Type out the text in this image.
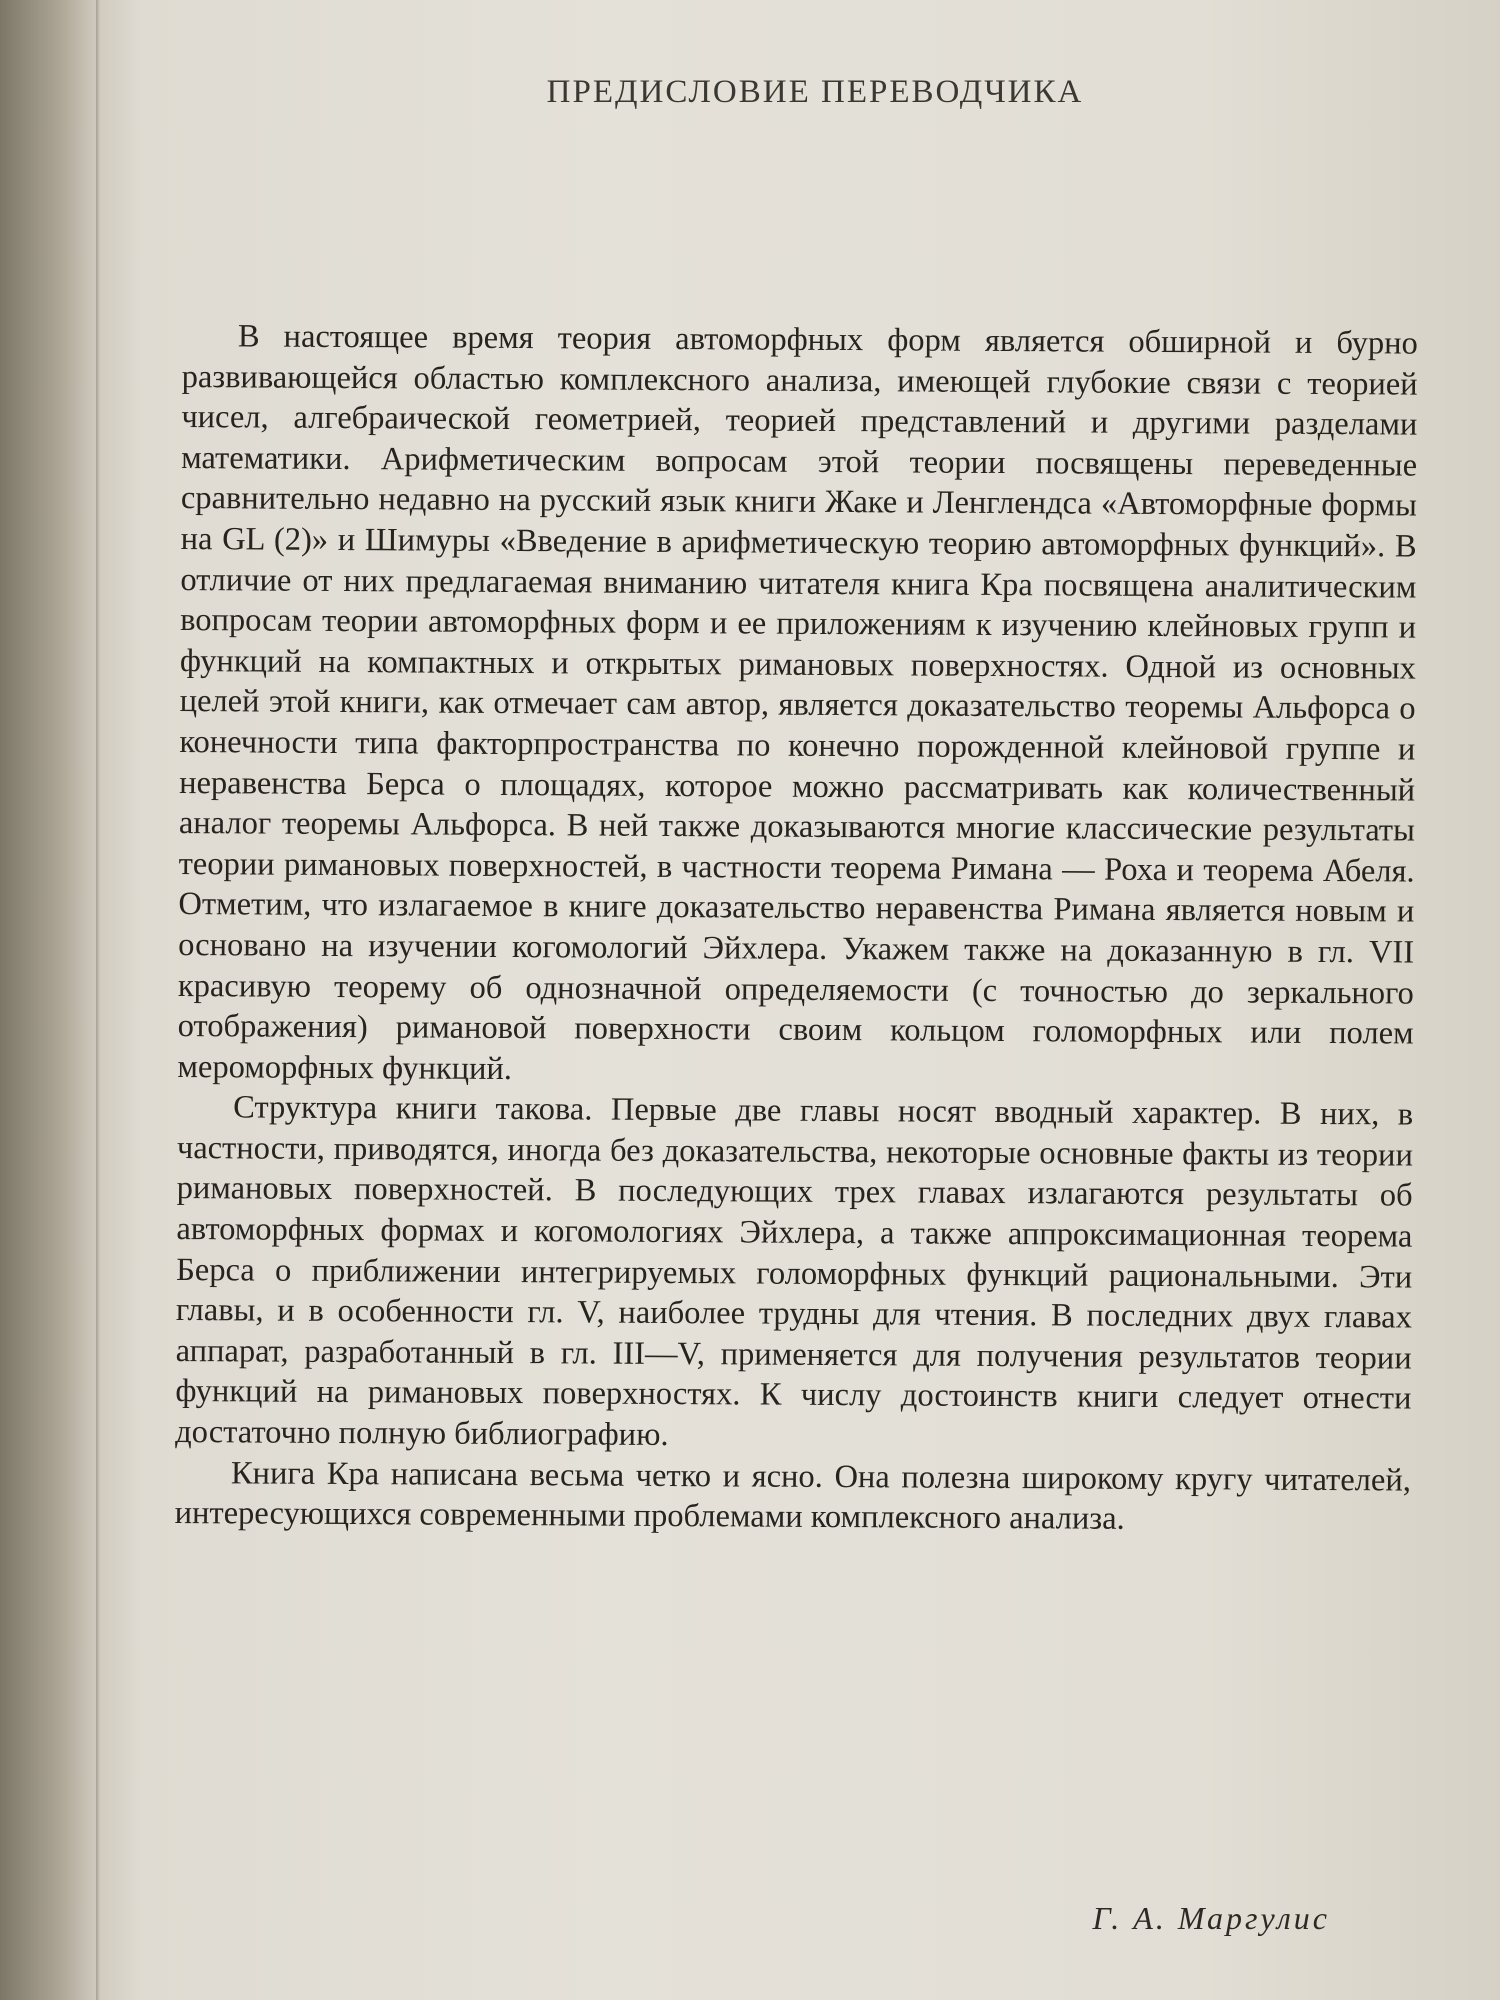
ПРЕДИСЛОВИЕ ПЕРЕВОДЧИКА

В настоящее время теория автоморфных форм является обширной и бурно развивающейся областью комплексного анализа, имеющей глубокие связи с теорией чисел, алгебраической геометрией, теорией представлений и другими разделами математики. Арифметическим вопросам этой теории посвящены переведенные сравнительно недавно на русский язык книги Жаке и Ленглендса «Автоморфные формы на GL (2)» и Шимуры «Введение в арифметическую теорию автоморфных функций». В отличие от них предлагаемая вниманию читателя книга Кра посвящена аналитическим вопросам теории автоморфных форм и ее приложениям к изучению клейновых групп и функций на компактных и открытых римановых поверхностях. Одной из основных целей этой книги, как отмечает сам автор, является доказательство теоремы Альфорса о конечности типа факторпространства по конечно порожденной клейновой группе и неравенства Берса о площадях, которое можно рассматривать как количественный аналог теоремы Альфорса. В ней также доказываются многие классические результаты теории римановых поверхностей, в частности теорема Римана — Роха и теорема Абеля. Отметим, что излагаемое в книге доказательство неравенства Римана является новым и основано на изучении когомологий Эйхлера. Укажем также на доказанную в гл. VII красивую теорему об однозначной определяемости (с точностью до зеркального отображения) римановой поверхности своим кольцом голоморфных или полем мероморфных функций.

Структура книги такова. Первые две главы носят вводный характер. В них, в частности, приводятся, иногда без доказательства, некоторые основные факты из теории римановых поверхностей. В последующих трех главах излагаются результаты об автоморфных формах и когомологиях Эйхлера, а также аппроксимационная теорема Берса о приближении интегрируемых голоморфных функций рациональными. Эти главы, и в особенности гл. V, наиболее трудны для чтения. В последних двух главах аппарат, разработанный в гл. III—V, применяется для получения результатов теории функций на римановых поверхностях. К числу достоинств книги следует отнести достаточно полную библиографию.

Книга Кра написана весьма четко и ясно. Она полезна широкому кругу читателей, интересующихся современными проблемами комплексного анализа.

Г. А. Маргулис
